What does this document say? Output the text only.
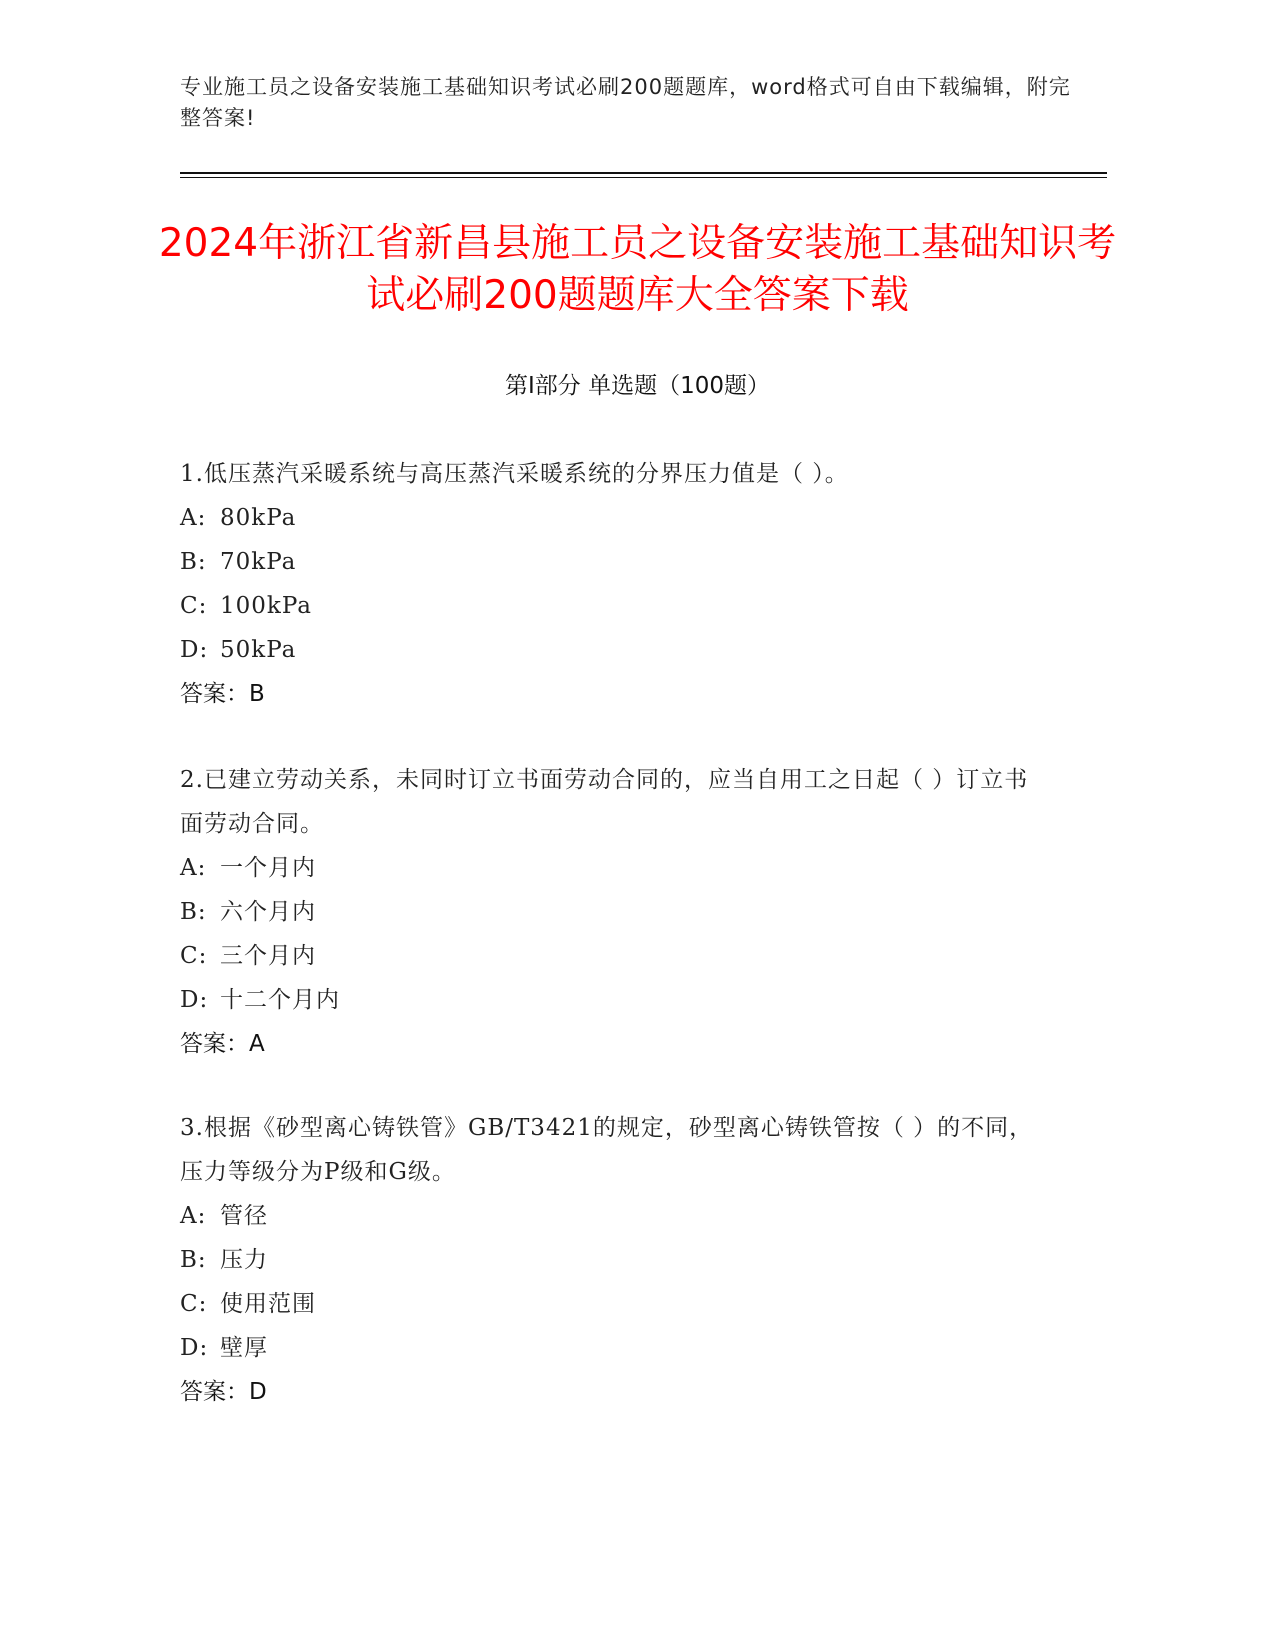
专业施工员之设备安装施工基础知识考试必刷200题题库，word格式可自由下载编辑，附完整答案!
2024年浙江省新昌县施工员之设备安装施工基础知识考试必刷200题题库大全答案下载
第I部分 单选题（100题）
1.低压蒸汽采暖系统与高压蒸汽采暖系统的分界压力值是（ ）。
A: 80kPa
B: 70kPa
C: 100kPa
D: 50kPa
答案：B
2.已建立劳动关系，未同时订立书面劳动合同的，应当自用工之日起（ ）订立书面劳动合同。
A: 一个月内
B: 六个月内
C: 三个月内
D: 十二个月内
答案：A
3.根据《砂型离心铸铁管》GB/T3421的规定，砂型离心铸铁管按（ ）的不同，压力等级分为P级和G级。
A: 管径
B: 压力
C: 使用范围
D: 壁厚
答案：D
